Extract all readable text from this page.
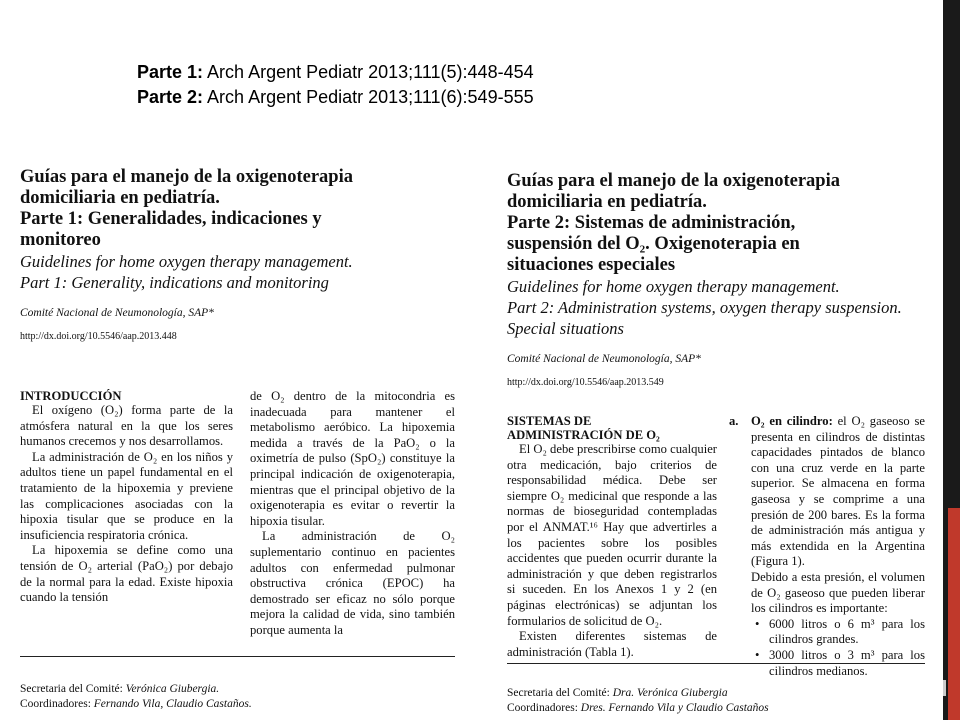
Parte 1: Arch Argent Pediatr 2013;111(5):448-454
Parte 2: Arch Argent Pediatr 2013;111(6):549-555
Guías para el manejo de la oxigenoterapia
domiciliaria en pediatría.
Parte 1: Generalidades, indicaciones y
monitoreo
Guidelines for home oxygen therapy management.
Part 1: Generality, indications and monitoring
Comité Nacional de Neumonología, SAP*
http://dx.doi.org/10.5546/aap.2013.448
INTRODUCCIÓN

El oxígeno (O₂) forma parte de la atmósfera natural en la que los seres humanos crecemos y nos desarrollamos.

La administración de O₂ en los niños y adultos tiene un papel fundamental en el tratamiento de la hipoxemia y previene las complicaciones asociadas con la hipoxia tisular que se produce en la insuficiencia respiratoria crónica.

La hipoxemia se define como una tensión de O₂ arterial (PaO₂) por debajo de la normal para la edad. Existe hipoxia cuando la tensión

de O₂ dentro de la mitocondria es inadecuada para mantener el metabolismo aeróbico. La hipoxemia medida a través de la PaO₂ o la oximetría de pulso (SpO₂) constituye la principal indicación de oxigenoterapia, mientras que el principal objetivo de la oxigenoterapia es evitar o revertir la hipoxia tisular.

La administración de O₂ suplementario continuo en pacientes adultos con enfermedad pulmonar obstructiva crónica (EPOC) ha demostrado ser eficaz no sólo porque mejora la calidad de vida, sino también porque aumenta la

Secretaria del Comité: Verónica Giubergia.
Coordinadores: Fernando Vila, Claudio Castaños.
Guías para el manejo de la oxigenoterapia
domiciliaria en pediatría.
Parte 2: Sistemas de administración,
suspensión del O₂. Oxigenoterapia en
situaciones especiales
Guidelines for home oxygen therapy management.
Part 2: Administration systems, oxygen therapy suspension.
Special situations
Comité Nacional de Neumonología, SAP*
http://dx.doi.org/10.5546/aap.2013.549
SISTEMAS DE
ADMINISTRACIÓN DE O₂

El O₂ debe prescribirse como cualquier otra medicación, bajo criterios de responsabilidad médica. Debe ser siempre O₂ medicinal que responde a las normas de bioseguridad contempladas por el ANMAT.¹⁶ Hay que advertirles a los pacientes sobre los posibles accidentes que pueden ocurrir durante la administración y que deben registrarlos si suceden. En los Anexos 1 y 2 (en páginas electrónicas) se adjuntan los formularios de solicitud de O₂.

Existen diferentes sistemas de administración (Tabla 1).

a. O₂ en cilindro: el O₂ gaseoso se presenta en cilindros de distintas capacidades pintados de blanco con una cruz verde en la parte superior. Se almacena en forma gaseosa y se comprime a una presión de 200 bares. Es la forma de administración más antigua y más extendida en la Argentina (Figura 1).
Debido a esta presión, el volumen de O₂ gaseoso que pueden liberar los cilindros es importante:
• 6000 litros o 6 m³ para los cilindros grandes.
• 3000 litros o 3 m³ para los cilindros medianos.
Secretaria del Comité: Dra. Verónica Giubergia
Coordinadores: Dres. Fernando Vila y Claudio Castaños
